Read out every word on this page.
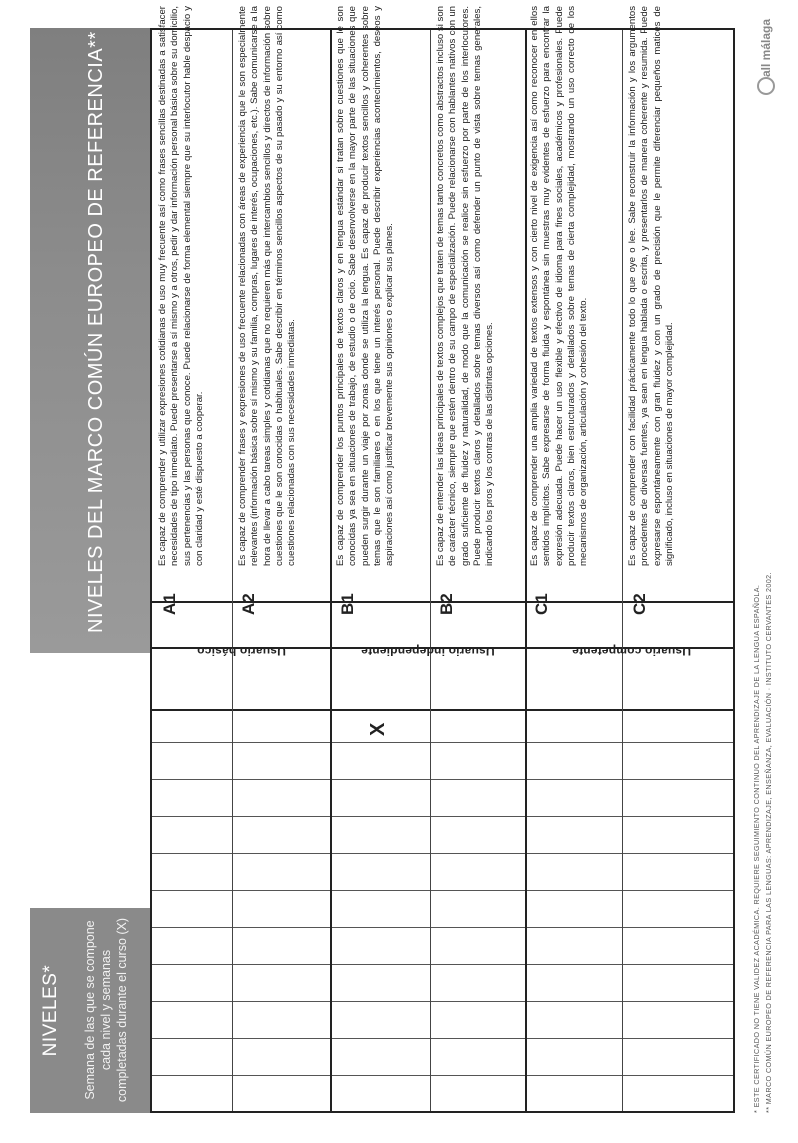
NIVELES* Semana de las que se compone cada nivel y semanas completadas durante el curso (X)
NIVELES DEL MARCO COMÚN EUROPEO DE REFERENCIA**
Usuario básico	Usuario independiente	Usuario competente
X
A1
Es capaz de comprender y utilizar expresiones cotidianas de uso muy frecuente así como frases sencillas destinadas a satisfacer necesidades de tipo inmediato. Puede presentarse a sí mismo y a otros, pedir y dar información personal básica sobre su domicilio, sus pertenencias y las personas que conoce. Puede relacionarse de forma elemental siempre que su interlocutor hable despacio y con claridad y esté dispuesto a cooperar.
A2
Es capaz de comprender frases y expresiones de uso frecuente relacionadas con áreas de experiencia que le son especialmente relevantes (información básica sobre sí mismo y su familia, compras, lugares de interés, ocupaciones, etc.). Sabe comunicarse a la hora de llevar a cabo tareas simples y cotidianas que no requieren más que intercambios sencillos y directos de información sobre cuestiones que le son conocidas o habituales. Sabe describir en términos sencillos aspectos de su pasado y su entorno así como cuestiones relacionadas con sus necesidades inmediatas.
B1
Es capaz de comprender los puntos principales de textos claros y en lengua estándar si tratan sobre cuestiones que le son conocidas ya sea en situaciones de trabajo, de estudio o de ocio. Sabe desenvolverse en la mayor parte de las situaciones que pueden surgir durante un viaje por zonas donde se utiliza la lengua. Es capaz de producir textos sencillos y coherentes sobre temas que le son familiares o en los que tiene un interés personal. Puede describir experiencias acontecimientos, deseos y aspiraciones así como justificar brevemente sus opiniones o explicar sus planes.
B2
Es capaz de entender las ideas principales de textos complejos que traten de temas tanto concretos como abstractos incluso si son de carácter técnico, siempre que estén dentro de su campo de especialización. Puede relacionarse con hablantes nativos con un grado suficiente de fluidez y naturalidad, de modo que la comunicación se realice sin esfuerzo por parte de los interlocutores. Puede producir textos claros y detallados sobre temas diversos así como defender un punto de vista sobre temas generales, indicando los pros y los contras de las distintas opciones.
C1
Es capaz de comprender una amplia variedad de textos extensos y con cierto nivel de exigencia así como reconocer en ellos sentidos implícitos. Sabe expresarse de forma fluida y espontánea sin muestras muy evidentes de esfuerzo para encontrar la expresión adecuada. Puede hacer un uso flexible y efectivo de idioma para fines sociales, académicos y profesionales. Puede producir textos claros, bien estructurados y detallados sobre temas de cierta complejidad, mostrando un uso correcto de los mecanismos de organización, articulación y cohesión del texto.
C2
Es capaz de comprender con facilidad prácticamente todo lo que oye o lee. Sabe reconstruir la información y los argumentos procedentes de diversas fuentes, ya sean en lengua hablada o escrita, y presentarlos de manera coherente y resumida. Puede expresarse espontáneamente con gran fluidez y con un grado de precisión que le permite diferenciar pequeños matices de significado, incluso en situaciones de mayor complejidad.
* ESTE CERTIFICADO NO TIENE VALIDEZ ACADÉMICA. REQUIERE SEGUIMIENTO CONTINUO DEL APRENDIZAJE DE LA LENGUA ESPAÑOLA. ** MARCO COMÚN EUROPEO DE REFERENCIA PARA LAS LENGUAS: APRENDIZAJE, ENSEÑANZA, EVALUACIÓN · INSTITUTO CERVANTES 2002.
all málaga
